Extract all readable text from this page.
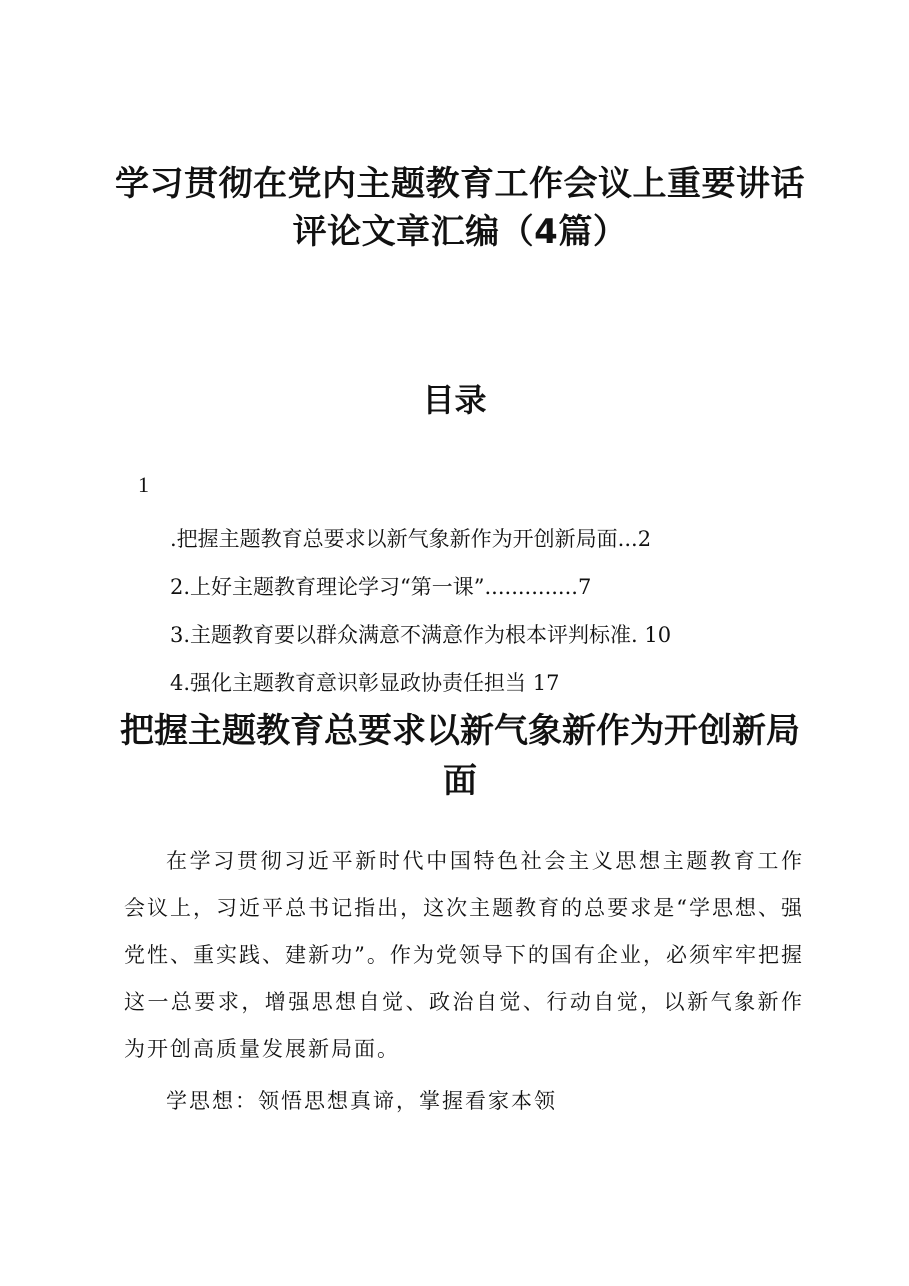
学习贯彻在党内主题教育工作会议上重要讲话
评论文章汇编（4篇）
目录
1
.把握主题教育总要求以新气象新作为开创新局面...2
2.上好主题教育理论学习“第一课”..............7
3.主题教育要以群众满意不满意作为根本评判标准. 10
4.强化主题教育意识彰显政协责任担当 17
把握主题教育总要求以新气象新作为开创新局
面

在学习贯彻习近平新时代中国特色社会主义思想主题教育工作会议上，习近平总书记指出，这次主题教育的总要求是“学思想、强党性、重实践、建新功”。作为党领导下的国有企业，必须牢牢把握这一总要求，增强思想自觉、政治自觉、行动自觉，以新气象新作为开创高质量发展新局面。

学思想：领悟思想真谛，掌握看家本领
